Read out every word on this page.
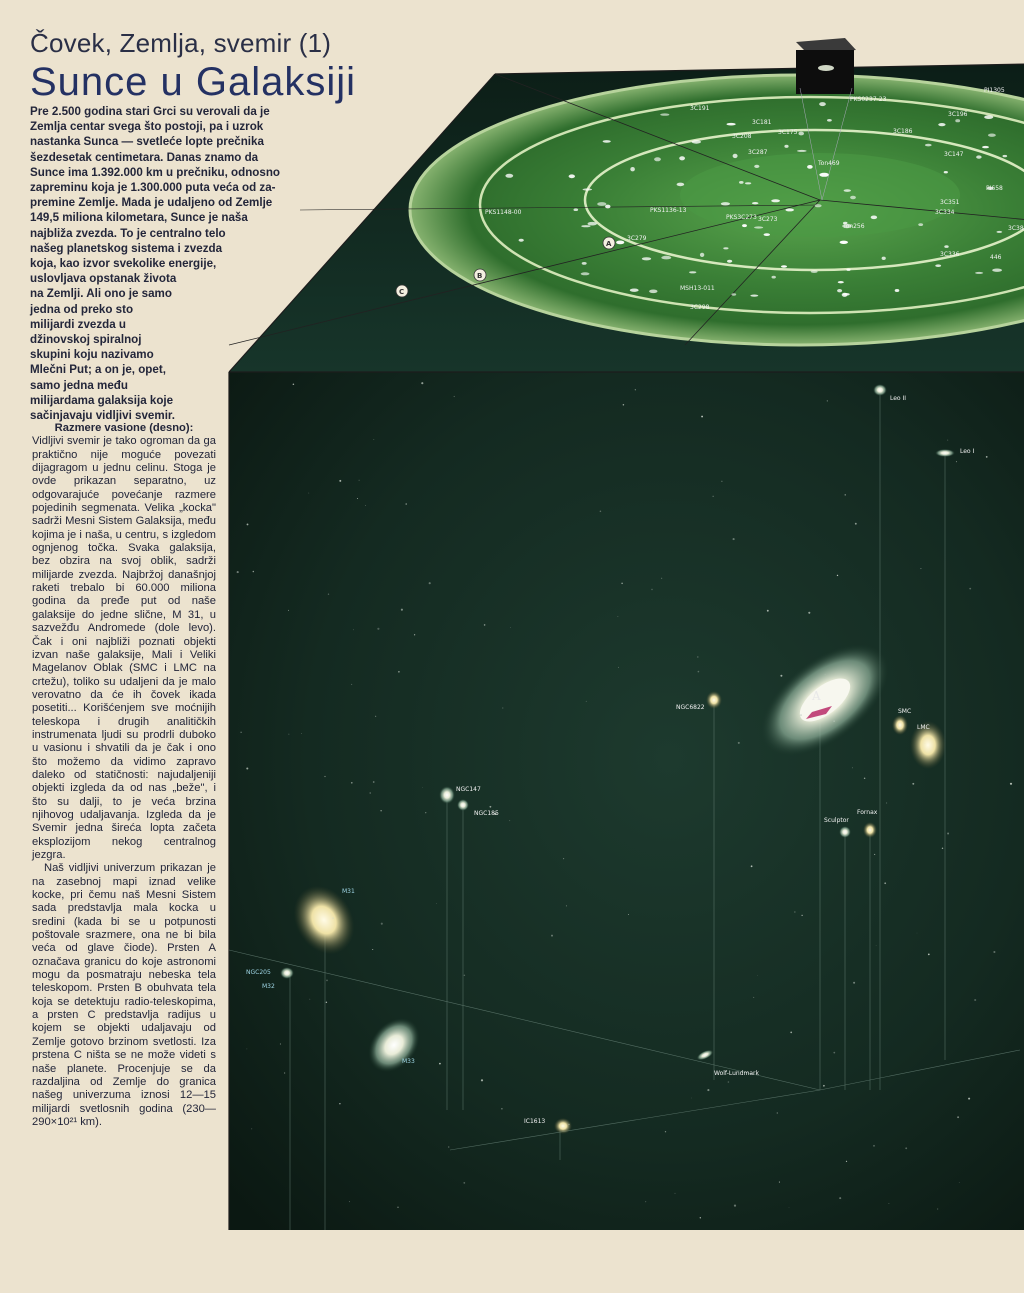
A
B
C
3C191
3C181
3C208
3C175
3C196
3C186
3C147
3C287
3C351
3C334
3C279
3C336
3C298
3C273
Ton469
Ton256
PKS0237-23
PKS1148-00	PKS1136-13
PKS3C273
MSH13-011
PI1305
PI658
3C38
446
Leo II
Leo I
NGC6822
SMC
LMC
NGC147
NGC185
Sculptor
Fornax
M31
NGC205
M32
M33
Wolf-Lundmark
IC1613
A
Čovek, Zemlja, svemir (1)
Sunce u Galaksiji

Pre 2.500 godina stari Grci su verovali da je
Zemlja centar svega što postoji, pa i uzrok
nastanka Sunca — svetleće lopte prečnika
šezdesetak centimetara. Danas znamo da
Sunce ima 1.392.000 km u prečniku, odnosno
zapreminu koja je 1.300.000 puta veća od za-
premine Zemlje. Mada je udaljeno od Zemlje
149,5 miliona kilometara, Sunce je naša
najbliža zvezda. To je centralno telo
našeg planetskog sistema i zvezda
koja, kao izvor svekolike energije,
uslovljava opstanak života
na Zemlji. Ali ono je samo
jedna od preko sto
milijardi zvezda u
džinovskoj spiralnoj
skupini koju nazivamo
Mlečni Put; a on je, opet,
samo jedna među
milijardama galaksija koje
sačinjavaju vidljivi svemir.

Razmere vasione (desno):

Vidljivi svemir je tako ogroman da ga praktično nije moguće povezati dijagragom u jednu celinu. Stoga je ovde prikazan separatno, uz odgovarajuće povećanje razmere pojedinih segmenata. Velika „kocka" sadrži Mesni Sistem Galaksija, među kojima je i naša, u centru, s izgledom ognjenog točka. Svaka galaksija, bez obzira na svoj oblik, sadrži milijarde zvezda. Najbržoj današnjoj raketi trebalo bi 60.000 miliona godina da pređe put od naše galaksije do jedne slične, M 31, u sazvežđu Andromede (dole levo). Čak i oni najbliži poznati objekti izvan naše galaksije, Mali i Veliki Magelanov Oblak (SMC i LMC na crtežu), toliko su udaljeni da je malo verovatno da će ih čovek ikada posetiti... Korišćenjem sve moćnijih teleskopa i drugih analitičkih instrumenata ljudi su prodrli duboko u vasionu i shvatili da je čak i ono što možemo da vidimo zapravo daleko od statičnosti: najudaljeniji objekti izgleda da od nas „beže", i što su dalji, to je veća brzina njihovog udaljavanja. Izgleda da je Svemir jedna šireća lopta začeta eksplozijom nekog centralnog jezgra.

Naš vidljivi univerzum prikazan je na zasebnoj mapi iznad velike kocke, pri čemu naš Mesni Sistem sada predstavlja mala kocka u sredini (kada bi se u potpunosti poštovale srazmere, ona ne bi bila veća od glave čiode). Prsten A označava granicu do koje astronomi mogu da posmatraju nebeska tela teleskopom. Prsten B obuhvata tela koja se detektuju radio-teleskopima, a prsten C predstavlja radijus u kojem se objekti udaljavaju od Zemlje gotovo brzinom svetlosti. Iza prstena C ništa se ne može videti s naše planete. Procenjuje se da razdaljina od Zemlje do granica našeg univerzuma iznosi 12—15 milijardi svetlosnih godina (230—290×10²¹ km).
